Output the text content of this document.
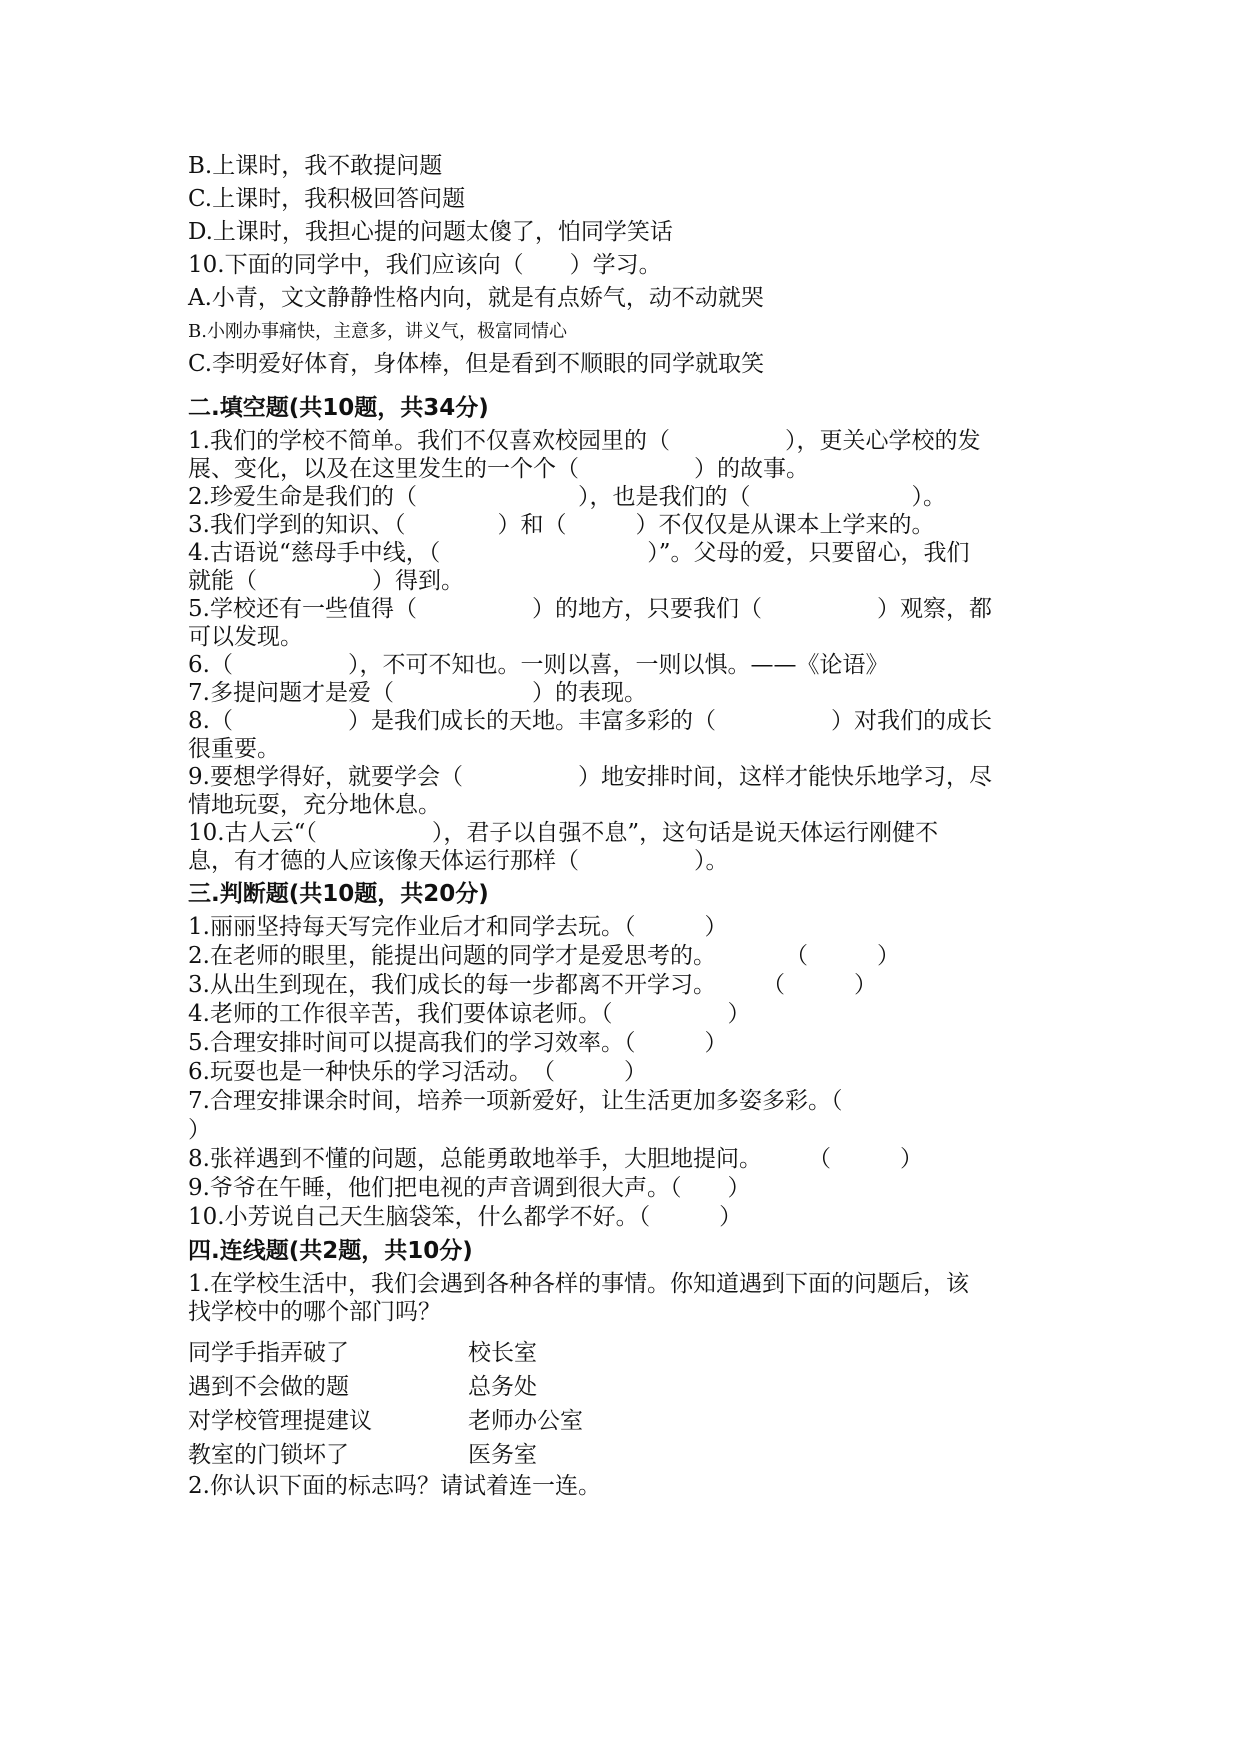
B.上课时，我不敢提问题

C.上课时，我积极回答问题

D.上课时，我担心提的问题太傻了，怕同学笑话

10.下面的同学中，我们应该向（　　）学习。

A.小青，文文静静性格内向，就是有点娇气，动不动就哭

B.小刚办事痛快，主意多，讲义气，极富同情心

C.李明爱好体育，身体棒，但是看到不顺眼的同学就取笑

二.填空题(共10题，共34分)

1.我们的学校不简单。我们不仅喜欢校园里的（　　　　　），更关心学校的发

展、变化，以及在这里发生的一个个（　　　　　）的故事。

2.珍爱生命是我们的（　　　　　　　），也是我们的（　　　　　　　）。

3.我们学到的知识、（　　　　）和（　　　）不仅仅是从课本上学来的。

4.古语说“慈母手中线，（　　　　　　　　　）”。父母的爱，只要留心，我们

就能（　　　　　）得到。

5.学校还有一些值得（　　　　　）的地方，只要我们（　　　　　）观察，都

可以发现。

6.（　　　　　），不可不知也。一则以喜，一则以惧。——《论语》

7.多提问题才是爱（　　　　　　）的表现。

8.（　　　　　）是我们成长的天地。丰富多彩的（　　　　　）对我们的成长

很重要。

9.要想学得好，就要学会（　　　　　）地安排时间，这样才能快乐地学习，尽

情地玩耍，充分地休息。

10.古人云“（　　　　　），君子以自强不息”，这句话是说天体运行刚健不

息，有才德的人应该像天体运行那样（　　　　　）。

三.判断题(共10题，共20分)

1.丽丽坚持每天写完作业后才和同学去玩。（　　　）

2.在老师的眼里，能提出问题的同学才是爱思考的。　　　　（　　　）

3.从出生到现在，我们成长的每一步都离不开学习。　　　（　　　）

4.老师的工作很辛苦，我们要体谅老师。（　　　　　）

5.合理安排时间可以提高我们的学习效率。（　　　）

6.玩耍也是一种快乐的学习活动。　（　　　）

7.合理安排课余时间，培养一项新爱好，让生活更加多姿多彩。（

）

8.张祥遇到不懂的问题，总能勇敢地举手，大胆地提问。　　　（　　　）

9.爷爷在午睡，他们把电视的声音调到很大声。（　　）

10.小芳说自己天生脑袋笨，什么都学不好。（　　　）

四.连线题(共2题，共10分)

1.在学校生活中，我们会遇到各种各样的事情。你知道遇到下面的问题后，该

找学校中的哪个部门吗？

同学手指弄破了	校长室
遇到不会做的题	总务处
对学校管理提建议	老师办公室
教室的门锁坏了	医务室

2.你认识下面的标志吗？请试着连一连。
